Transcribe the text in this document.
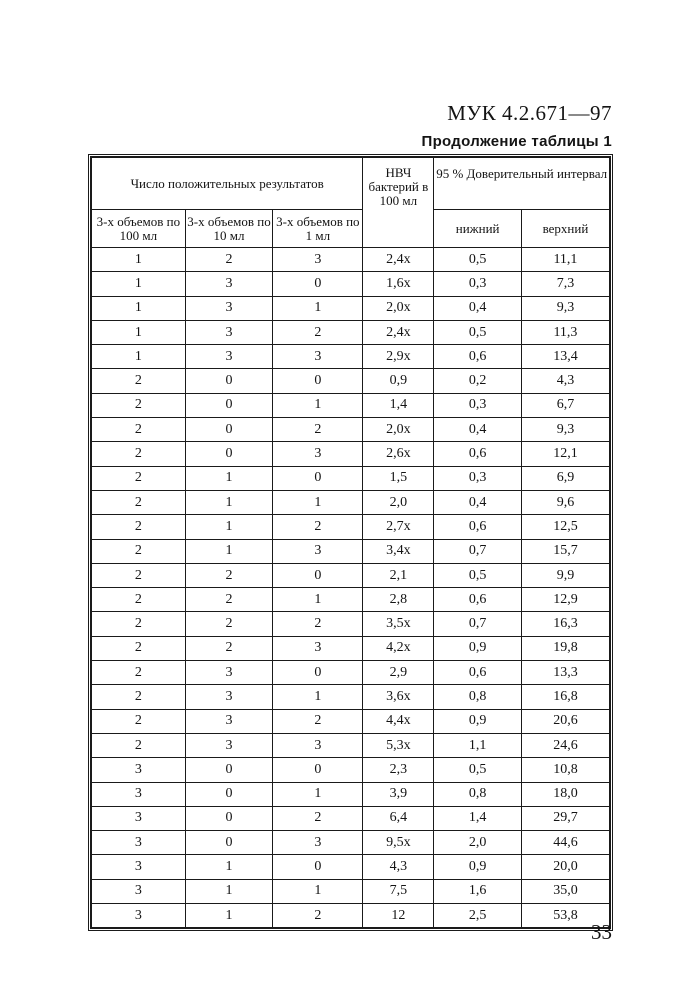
МУК 4.2.671—97
Продолжение таблицы 1
Число положительных результатов			НВЧ бактерий в 100 мл	95 % Доверительный интервал	
3-х объемов по 100 мл	3-х объемов по 10 мл	3-х объемов по 1 мл		нижний	верхний
1	2	3	2,4x	0,5	11,1
1	3	0	1,6x	0,3	7,3
1	3	1	2,0x	0,4	9,3
1	3	2	2,4x	0,5	11,3
1	3	3	2,9x	0,6	13,4
2	0	0	0,9	0,2	4,3
2	0	1	1,4	0,3	6,7
2	0	2	2,0x	0,4	9,3
2	0	3	2,6x	0,6	12,1
2	1	0	1,5	0,3	6,9
2	1	1	2,0	0,4	9,6
2	1	2	2,7x	0,6	12,5
2	1	3	3,4x	0,7	15,7
2	2	0	2,1	0,5	9,9
2	2	1	2,8	0,6	12,9
2	2	2	3,5x	0,7	16,3
2	2	3	4,2x	0,9	19,8
2	3	0	2,9	0,6	13,3
2	3	1	3,6x	0,8	16,8
2	3	2	4,4x	0,9	20,6
2	3	3	5,3x	1,1	24,6
3	0	0	2,3	0,5	10,8
3	0	1	3,9	0,8	18,0
3	0	2	6,4	1,4	29,7
3	0	3	9,5x	2,0	44,6
3	1	0	4,3	0,9	20,0
3	1	1	7,5	1,6	35,0
3	1	2	12	2,5	53,8
33
